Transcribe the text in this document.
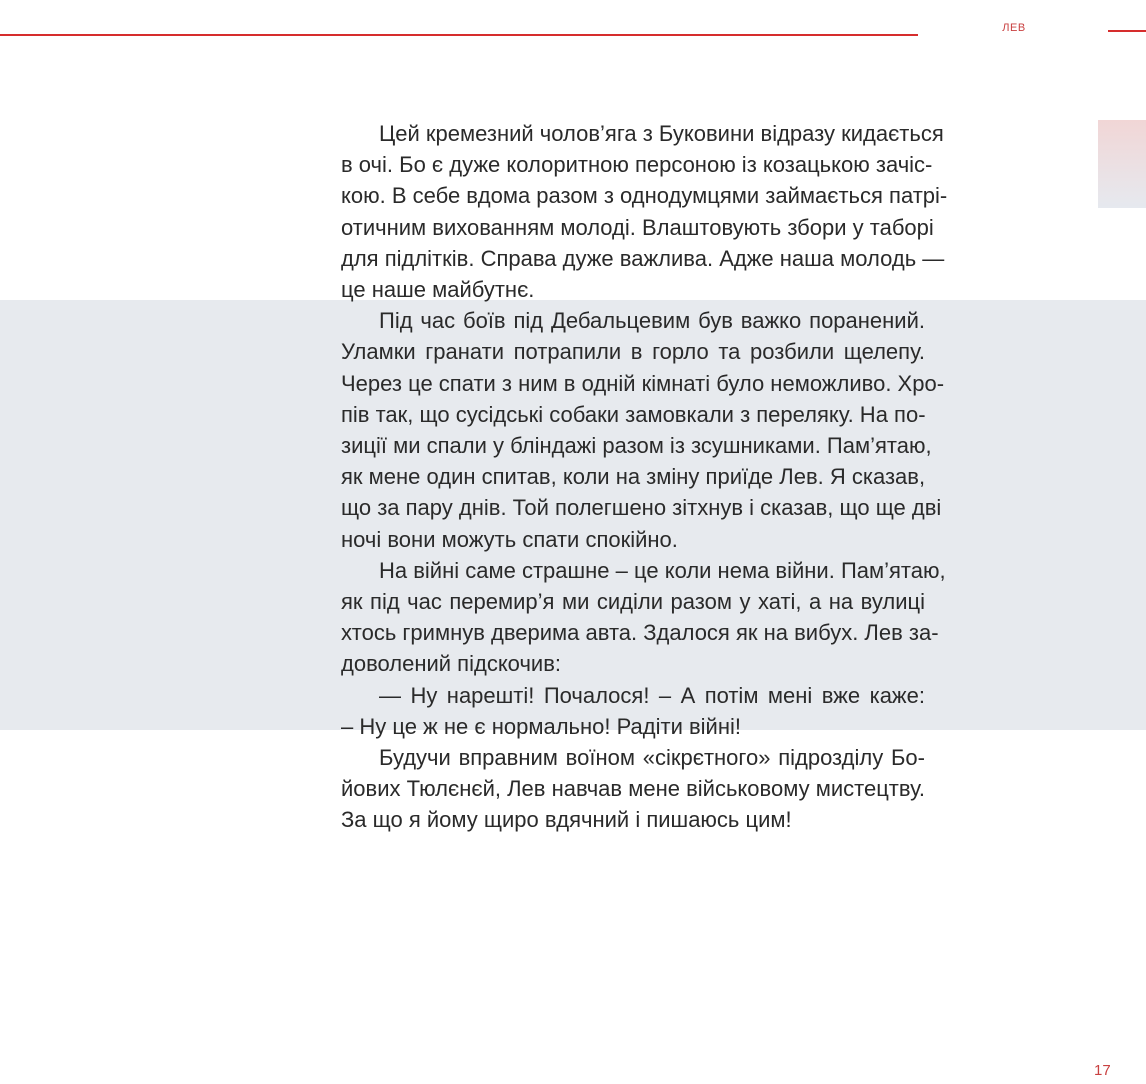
ЛЕВ
Цей кремезний чолов’яга з Буковини відразу кидається
в очі. Бо є дуже колоритною персоною із козацькою зачіс-
кою. В себе вдома разом з однодумцями займається патрі-
отичним вихованням молоді. Влаштовують збори у таборі
для підлітків. Справа дуже важлива. Адже наша молодь —
це наше майбутнє.
Під час боїв під Дебальцевим був важко поранений.
Уламки гранати потрапили в горло та розбили щелепу.
Через це спати з ним в одній кімнаті було неможливо. Хро-
пів так, що сусідські собаки замовкали з переляку. На по-
зиції ми спали у бліндажі разом із зсушниками. Пам’ятаю,
як мене один спитав, коли на зміну приїде Лев. Я сказав,
що за пару днів. Той полегшено зітхнув і сказав, що ще дві
ночі вони можуть спати спокійно.
На війні саме страшне – це коли нема війни. Пам’ятаю,
як під час перемир’я ми сиділи разом у хаті, а на вулиці
хтось гримнув дверима авта. Здалося як на вибух. Лев за-
доволений підскочив:
— Ну нарешті! Почалося! – А потім мені вже каже:
– Ну це ж не є нормально! Радіти війні!
Будучи вправним воїном «сікрєтного» підрозділу Бо-
йових Тюлєнєй, Лев навчав мене військовому мистецтву.
За що я йому щиро вдячний і пишаюсь цим!
17
